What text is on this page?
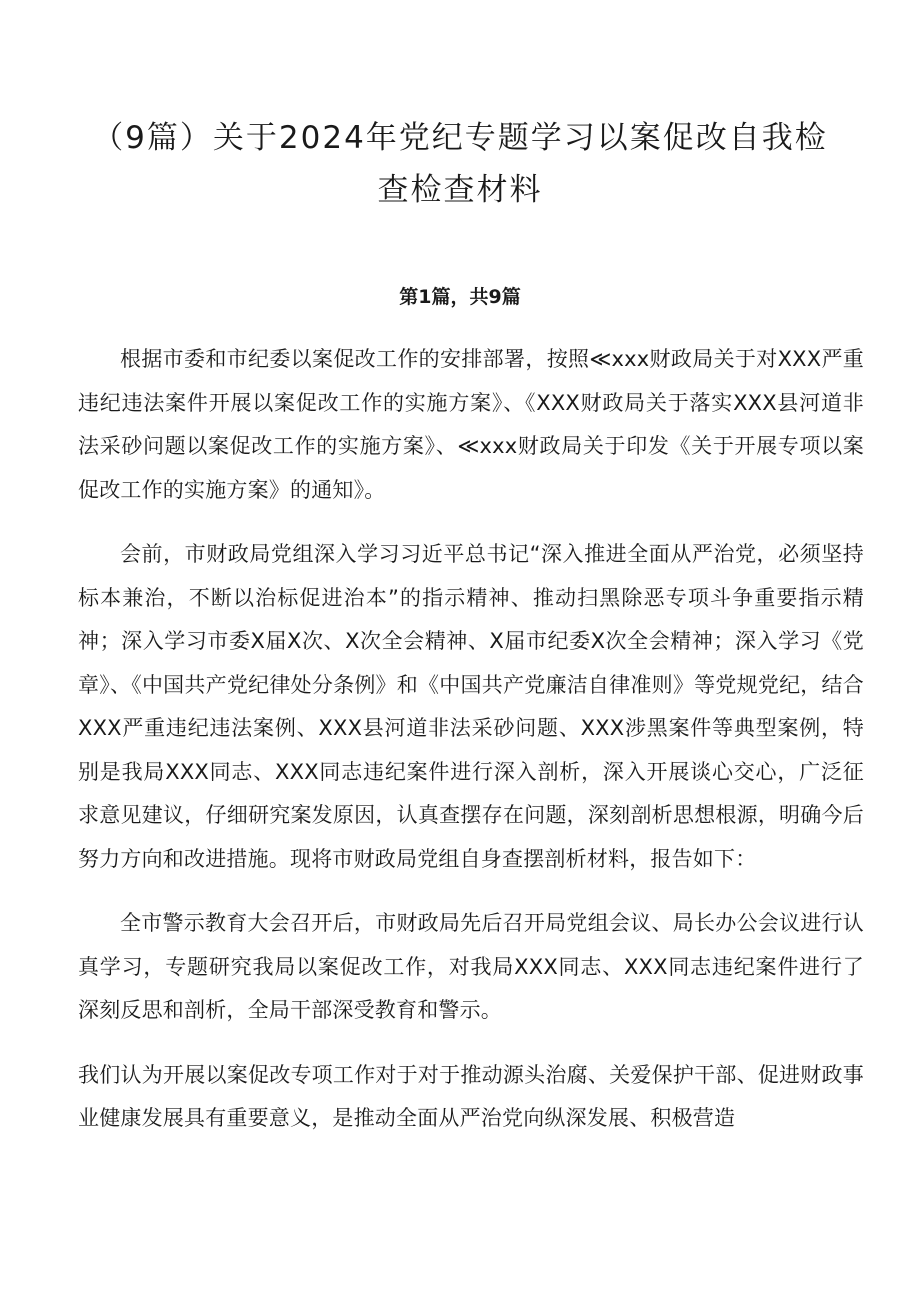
（9篇）关于2024年党纪专题学习以案促改自我检
查检查材料
第1篇，共9篇

根据市委和市纪委以案促改工作的安排部署，按照≪xxx财政局关于对XXX严重违纪违法案件开展以案促改工作的实施方案》、《XXX财政局关于落实XXX县河道非法采砂问题以案促改工作的实施方案》、≪xxx财政局关于印发《关于开展专项以案促改工作的实施方案》的通知》。

会前，市财政局党组深入学习习近平总书记“深入推进全面从严治党，必须坚持标本兼治，不断以治标促进治本”的指示精神、推动扫黑除恶专项斗争重要指示精神；深入学习市委X届X次、X次全会精神、X届市纪委X次全会精神；深入学习《党章》、《中国共产党纪律处分条例》和《中国共产党廉洁自律准则》等党规党纪，结合XXX严重违纪违法案例、XXX县河道非法采砂问题、XXX涉黑案件等典型案例，特别是我局XXX同志、XXX同志违纪案件进行深入剖析，深入开展谈心交心，广泛征求意见建议，仔细研究案发原因，认真查摆存在问题，深刻剖析思想根源，明确今后努力方向和改进措施。现将市财政局党组自身查摆剖析材料，报告如下：

全市警示教育大会召开后，市财政局先后召开局党组会议、局长办公会议进行认真学习，专题研究我局以案促改工作，对我局XXX同志、XXX同志违纪案件进行了深刻反思和剖析，全局干部深受教育和警示。

我们认为开展以案促改专项工作对于对于推动源头治腐、关爱保护干部、促进财政事业健康发展具有重要意义，是推动全面从严治党向纵深发展、积极营造
